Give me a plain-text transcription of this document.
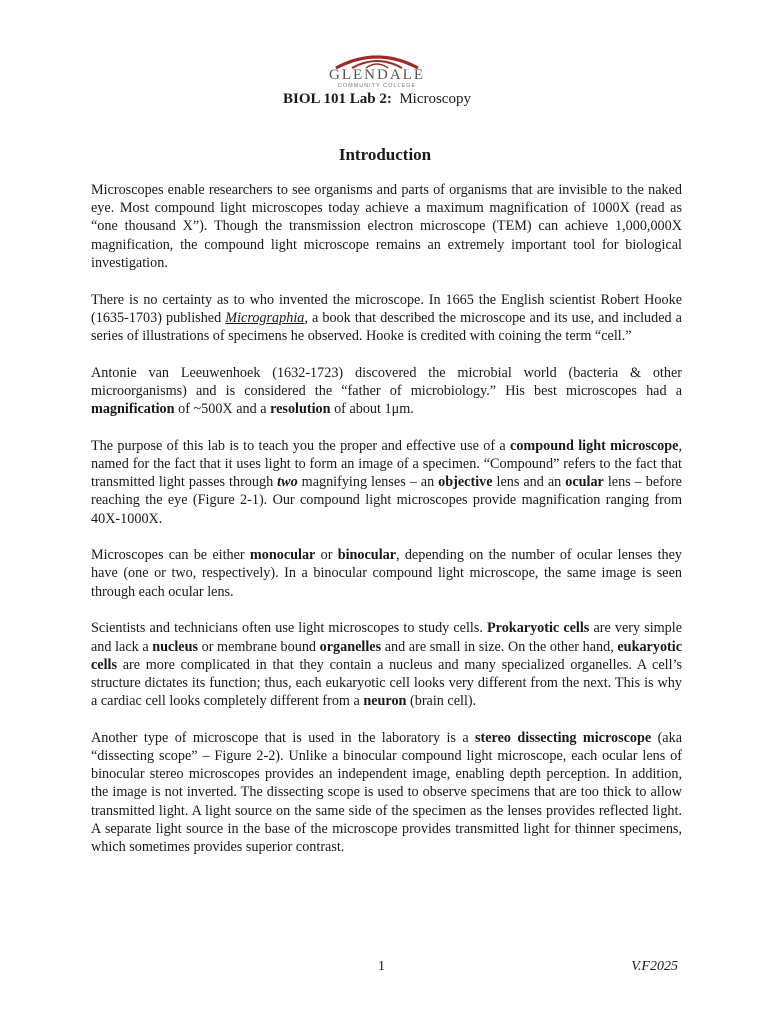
GLENDALE
COMMUNITY COLLEGE
BIOL 101 Lab 2: Microscopy
Introduction

Microscopes enable researchers to see organisms and parts of organisms that are invisible to the naked eye. Most compound light microscopes today achieve a maximum magnification of 1000X (read as “one thousand X”). Though the transmission electron microscope (TEM) can achieve 1,000,000X magnification, the compound light microscope remains an extremely important tool for biological investigation.

There is no certainty as to who invented the microscope. In 1665 the English scientist Robert Hooke (1635-1703) published Micrographia, a book that described the microscope and its use, and included a series of illustrations of specimens he observed. Hooke is credited with coining the term “cell.”

Antonie van Leeuwenhoek (1632-1723) discovered the microbial world (bacteria & other microorganisms) and is considered the “father of microbiology.” His best microscopes had a magnification of ~500X and a resolution of about 1μm.

The purpose of this lab is to teach you the proper and effective use of a compound light microscope, named for the fact that it uses light to form an image of a specimen. “Compound” refers to the fact that transmitted light passes through two magnifying lenses – an objective lens and an ocular lens – before reaching the eye (Figure 2-1). Our compound light microscopes provide magnification ranging from 40X-1000X.

Microscopes can be either monocular or binocular, depending on the number of ocular lenses they have (one or two, respectively). In a binocular compound light microscope, the same image is seen through each ocular lens.

Scientists and technicians often use light microscopes to study cells. Prokaryotic cells are very simple and lack a nucleus or membrane bound organelles and are small in size. On the other hand, eukaryotic cells are more complicated in that they contain a nucleus and many specialized organelles. A cell’s structure dictates its function; thus, each eukaryotic cell looks very different from the next. This is why a cardiac cell looks completely different from a neuron (brain cell).

Another type of microscope that is used in the laboratory is a stereo dissecting microscope (aka “dissecting scope” – Figure 2-2). Unlike a binocular compound light microscope, each ocular lens of binocular stereo microscopes provides an independent image, enabling depth perception. In addition, the image is not inverted. The dissecting scope is used to observe specimens that are too thick to allow transmitted light. A light source on the same side of the specimen as the lenses provides reflected light. A separate light source in the base of the microscope provides transmitted light for thinner specimens, which sometimes provides superior contrast.

1	V.F2025
